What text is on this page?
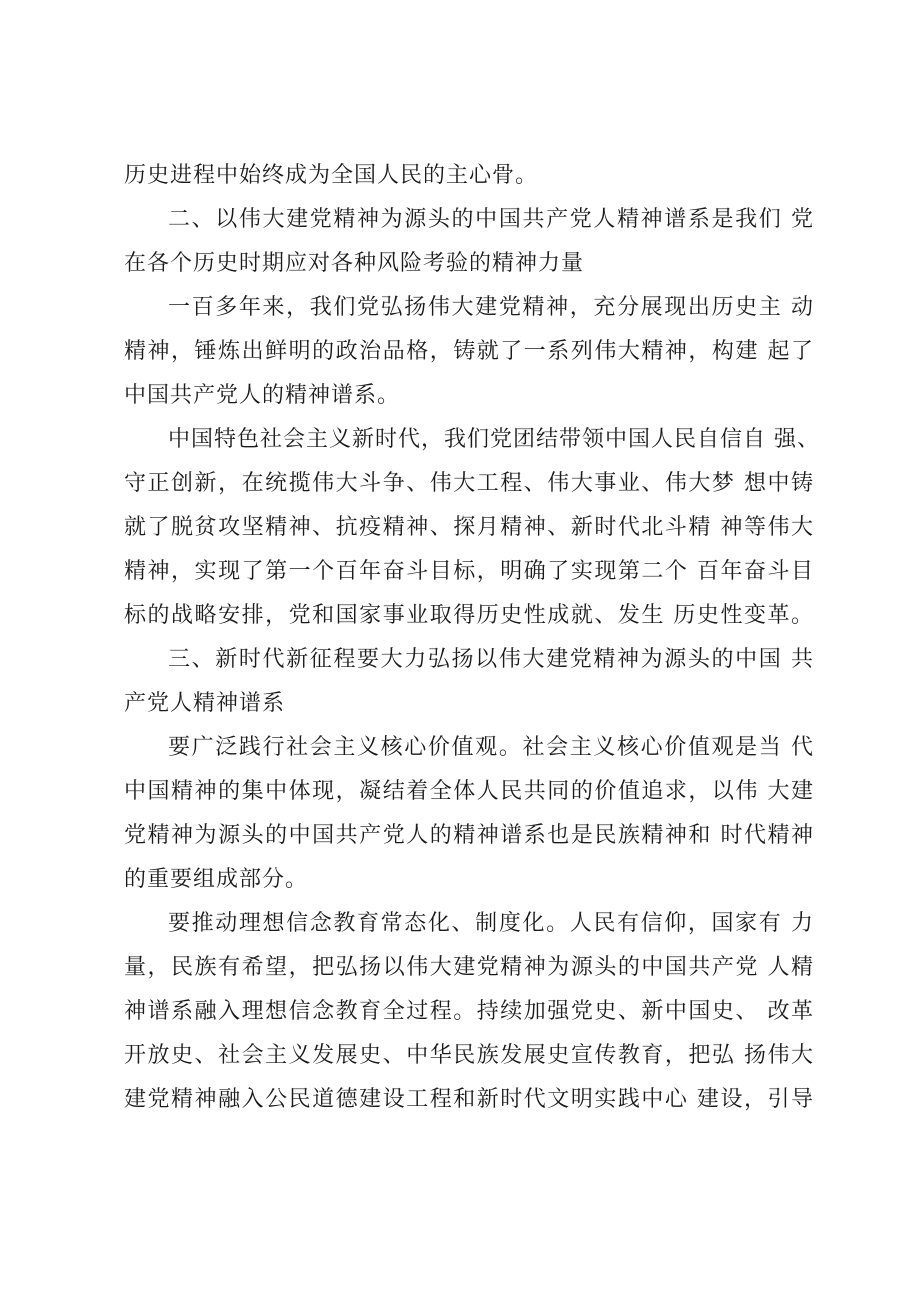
历史进程中始终成为全国人民的主心骨。
二、以伟大建党精神为源头的中国共产党人精神谱系是我们 党
在各个历史时期应对各种风险考验的精神力量
一百多年来，我们党弘扬伟大建党精神，充分展现出历史主 动
精神，锤炼出鲜明的政治品格，铸就了一系列伟大精神，构建 起了
中国共产党人的精神谱系。
中国特色社会主义新时代，我们党团结带领中国人民自信自 强、
守正创新，在统揽伟大斗争、伟大工程、伟大事业、伟大梦 想中铸
就了脱贫攻坚精神、抗疫精神、探月精神、新时代北斗精 神等伟大
精神，实现了第一个百年奋斗目标，明确了实现第二个 百年奋斗目
标的战略安排，党和国家事业取得历史性成就、发生 历史性变革。
三、新时代新征程要大力弘扬以伟大建党精神为源头的中国 共
产党人精神谱系
要广泛践行社会主义核心价值观。社会主义核心价值观是当 代
中国精神的集中体现，凝结着全体人民共同的价值追求，以伟 大建
党精神为源头的中国共产党人的精神谱系也是民族精神和 时代精神
的重要组成部分。
要推动理想信念教育常态化、制度化。人民有信仰，国家有 力
量，民族有希望，把弘扬以伟大建党精神为源头的中国共产党 人精
神谱系融入理想信念教育全过程。持续加强党史、新中国史、 改革
开放史、社会主义发展史、中华民族发展史宣传教育，把弘 扬伟大
建党精神融入公民道德建设工程和新时代文明实践中心 建设，引导
